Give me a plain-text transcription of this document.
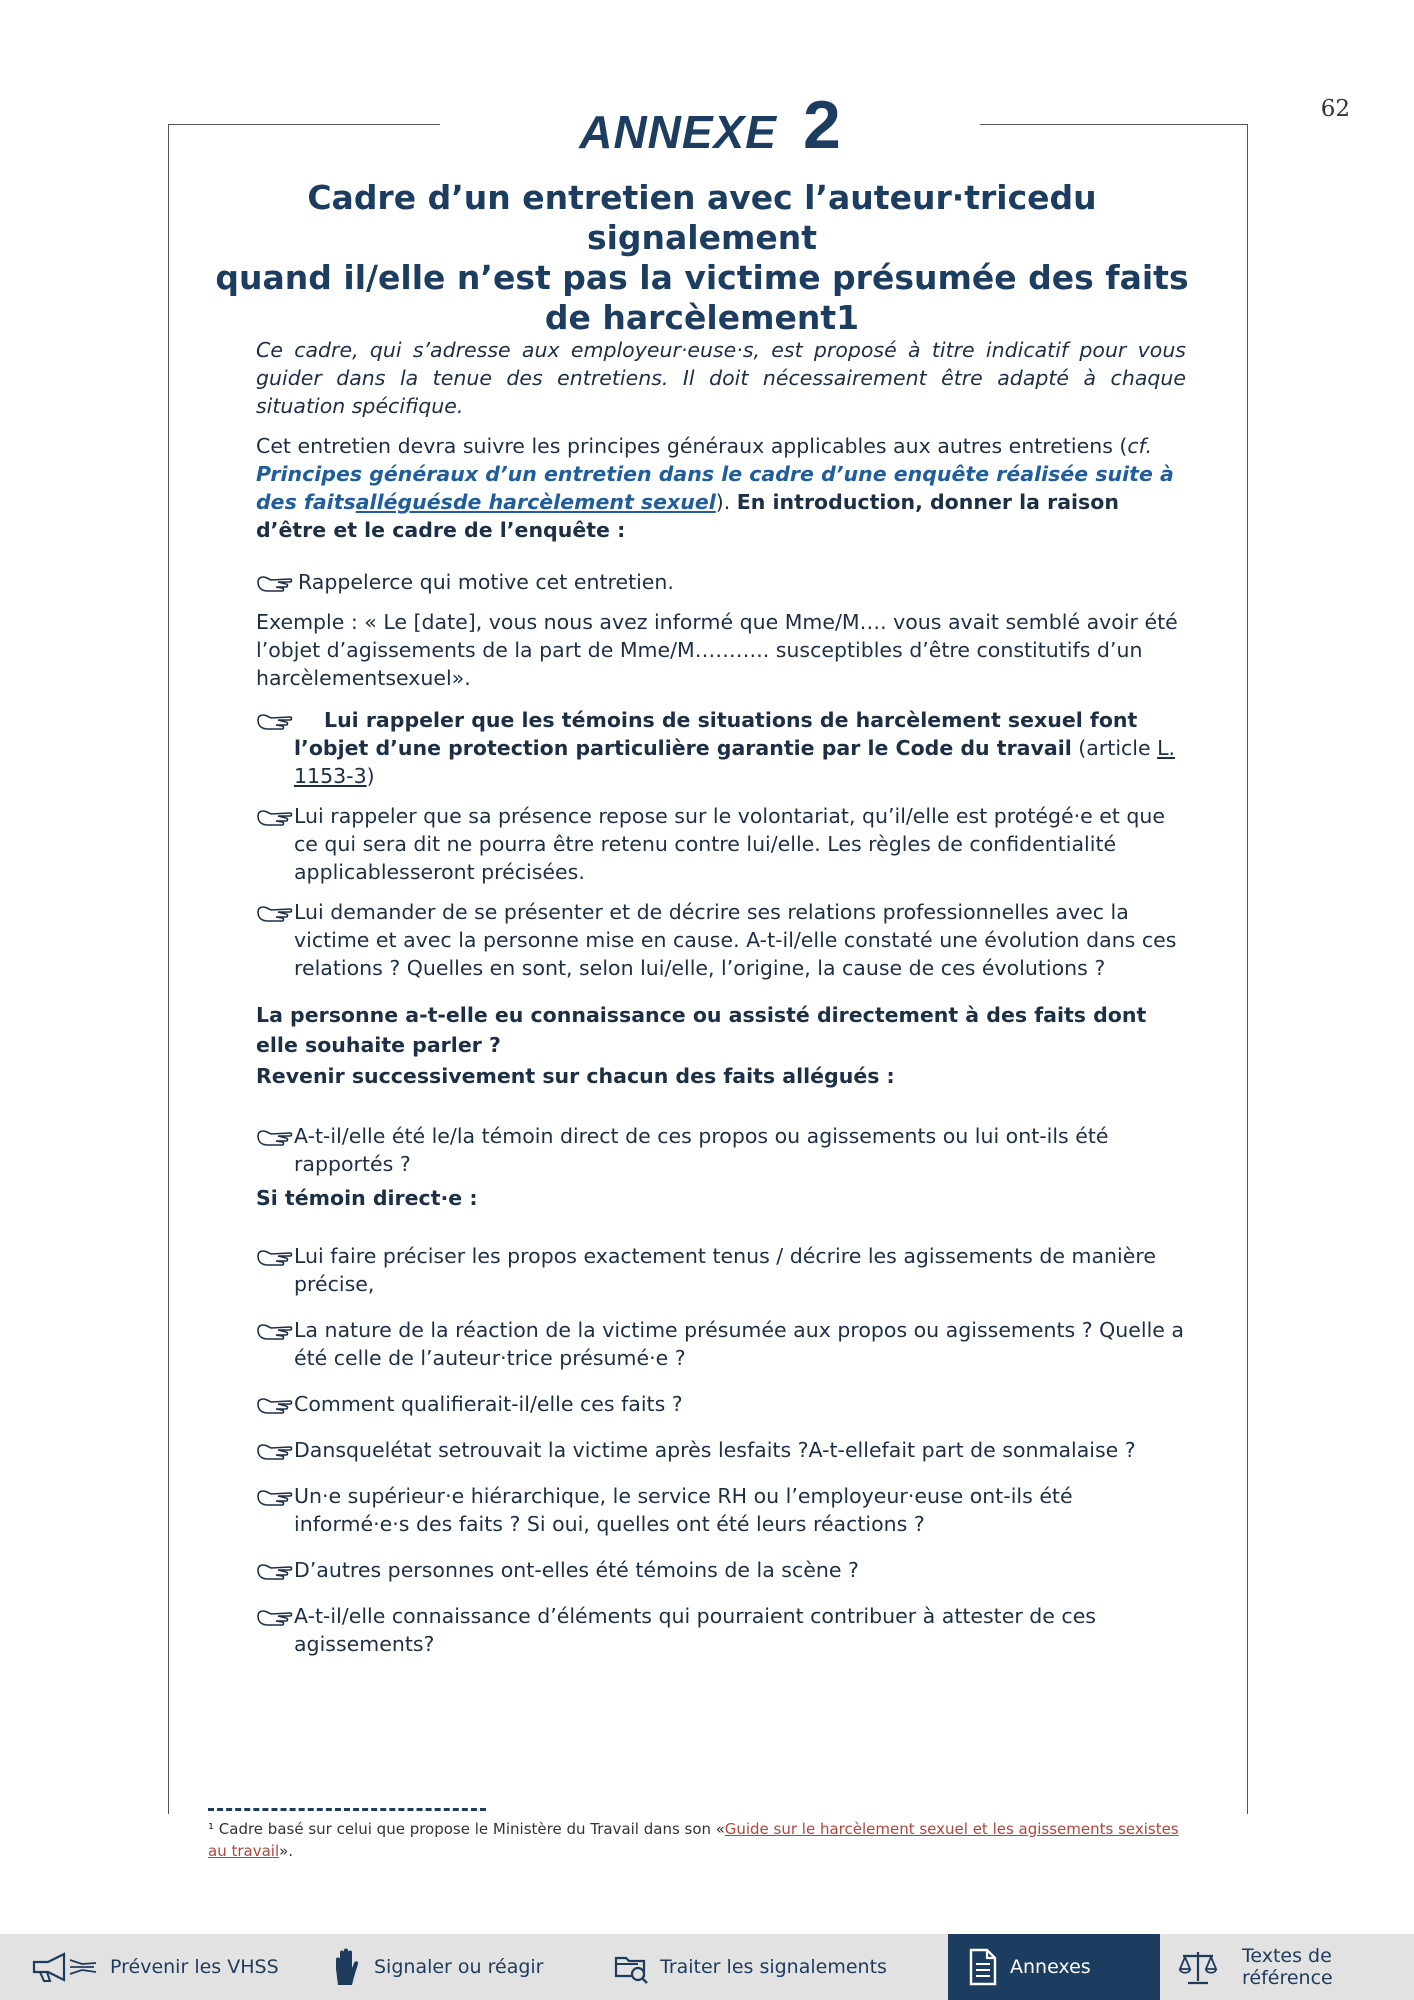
62
ANNEXE 2
Cadre d’un entretien avec l’auteur·tricedu signalement
quand il/elle n’est pas la victime présumée des faits
de harcèlement1

Ce cadre, qui s’adresse aux employeur·euse·s, est proposé à titre indicatif pour vous guider dans la tenue des entretiens. Il doit nécessairement être adapté à chaque situation spécifique.

Cet entretien devra suivre les principes généraux applicables aux autres entretiens (cf. Principes généraux d’un entretien dans le cadre d’une enquête réalisée suite à des faitsalléguésde harcèlement sexuel). En introduction, donner la raison d’être et le cadre de l’enquête :

Rappelerce qui motive cet entretien.

Exemple : « Le [date], vous nous avez informé que Mme/M…. vous avait semblé avoir été l’objet d’agissements de la part de Mme/M……….. susceptibles d’être constitutifs d’un harcèlementsexuel».

Lui rappeler que les témoins de situations de harcèlement sexuel font l’objet d’une protection particulière garantie par le Code du travail (article L. 1153-3)

Lui rappeler que sa présence repose sur le volontariat, qu’il/elle est protégé·e et que ce qui sera dit ne pourra être retenu contre lui/elle. Les règles de confidentialité applicablesseront précisées.

Lui demander de se présenter et de décrire ses relations professionnelles avec la victime et avec la personne mise en cause. A-t-il/elle constaté une évolution dans ces relations ? Quelles en sont, selon lui/elle, l’origine, la cause de ces évolutions ?

La personne a-t-elle eu connaissance ou assisté directement à des faits dont elle souhaite parler ?

Revenir successivement sur chacun des faits allégués :

A-t-il/elle été le/la témoin direct de ces propos ou agissements ou lui ont-ils été rapportés ?

Si témoin direct·e :

Lui faire préciser les propos exactement tenus / décrire les agissements de manière précise,

La nature de la réaction de la victime présumée aux propos ou agissements ? Quelle a été celle de l’auteur·trice présumé·e ?

Comment qualifierait-il/elle ces faits ?

Dansquelétat setrouvait la victime après lesfaits ?A-t-ellefait part de sonmalaise ?

Un·e supérieur·e hiérarchique, le service RH ou l’employeur·euse ont-ils été informé·e·s des faits ? Si oui, quelles ont été leurs réactions ?

D’autres personnes ont-elles été témoins de la scène ?

A-t-il/elle connaissance d’éléments qui pourraient contribuer à attester de ces agissements?

¹ Cadre basé sur celui que propose le Ministère du Travail dans son «Guide sur le harcèlement sexuel et les agissements sexistes au travail».
Prévenir les VHSS	Signaler ou réagir	Traiter les signalements	Annexes	Textes de référence
